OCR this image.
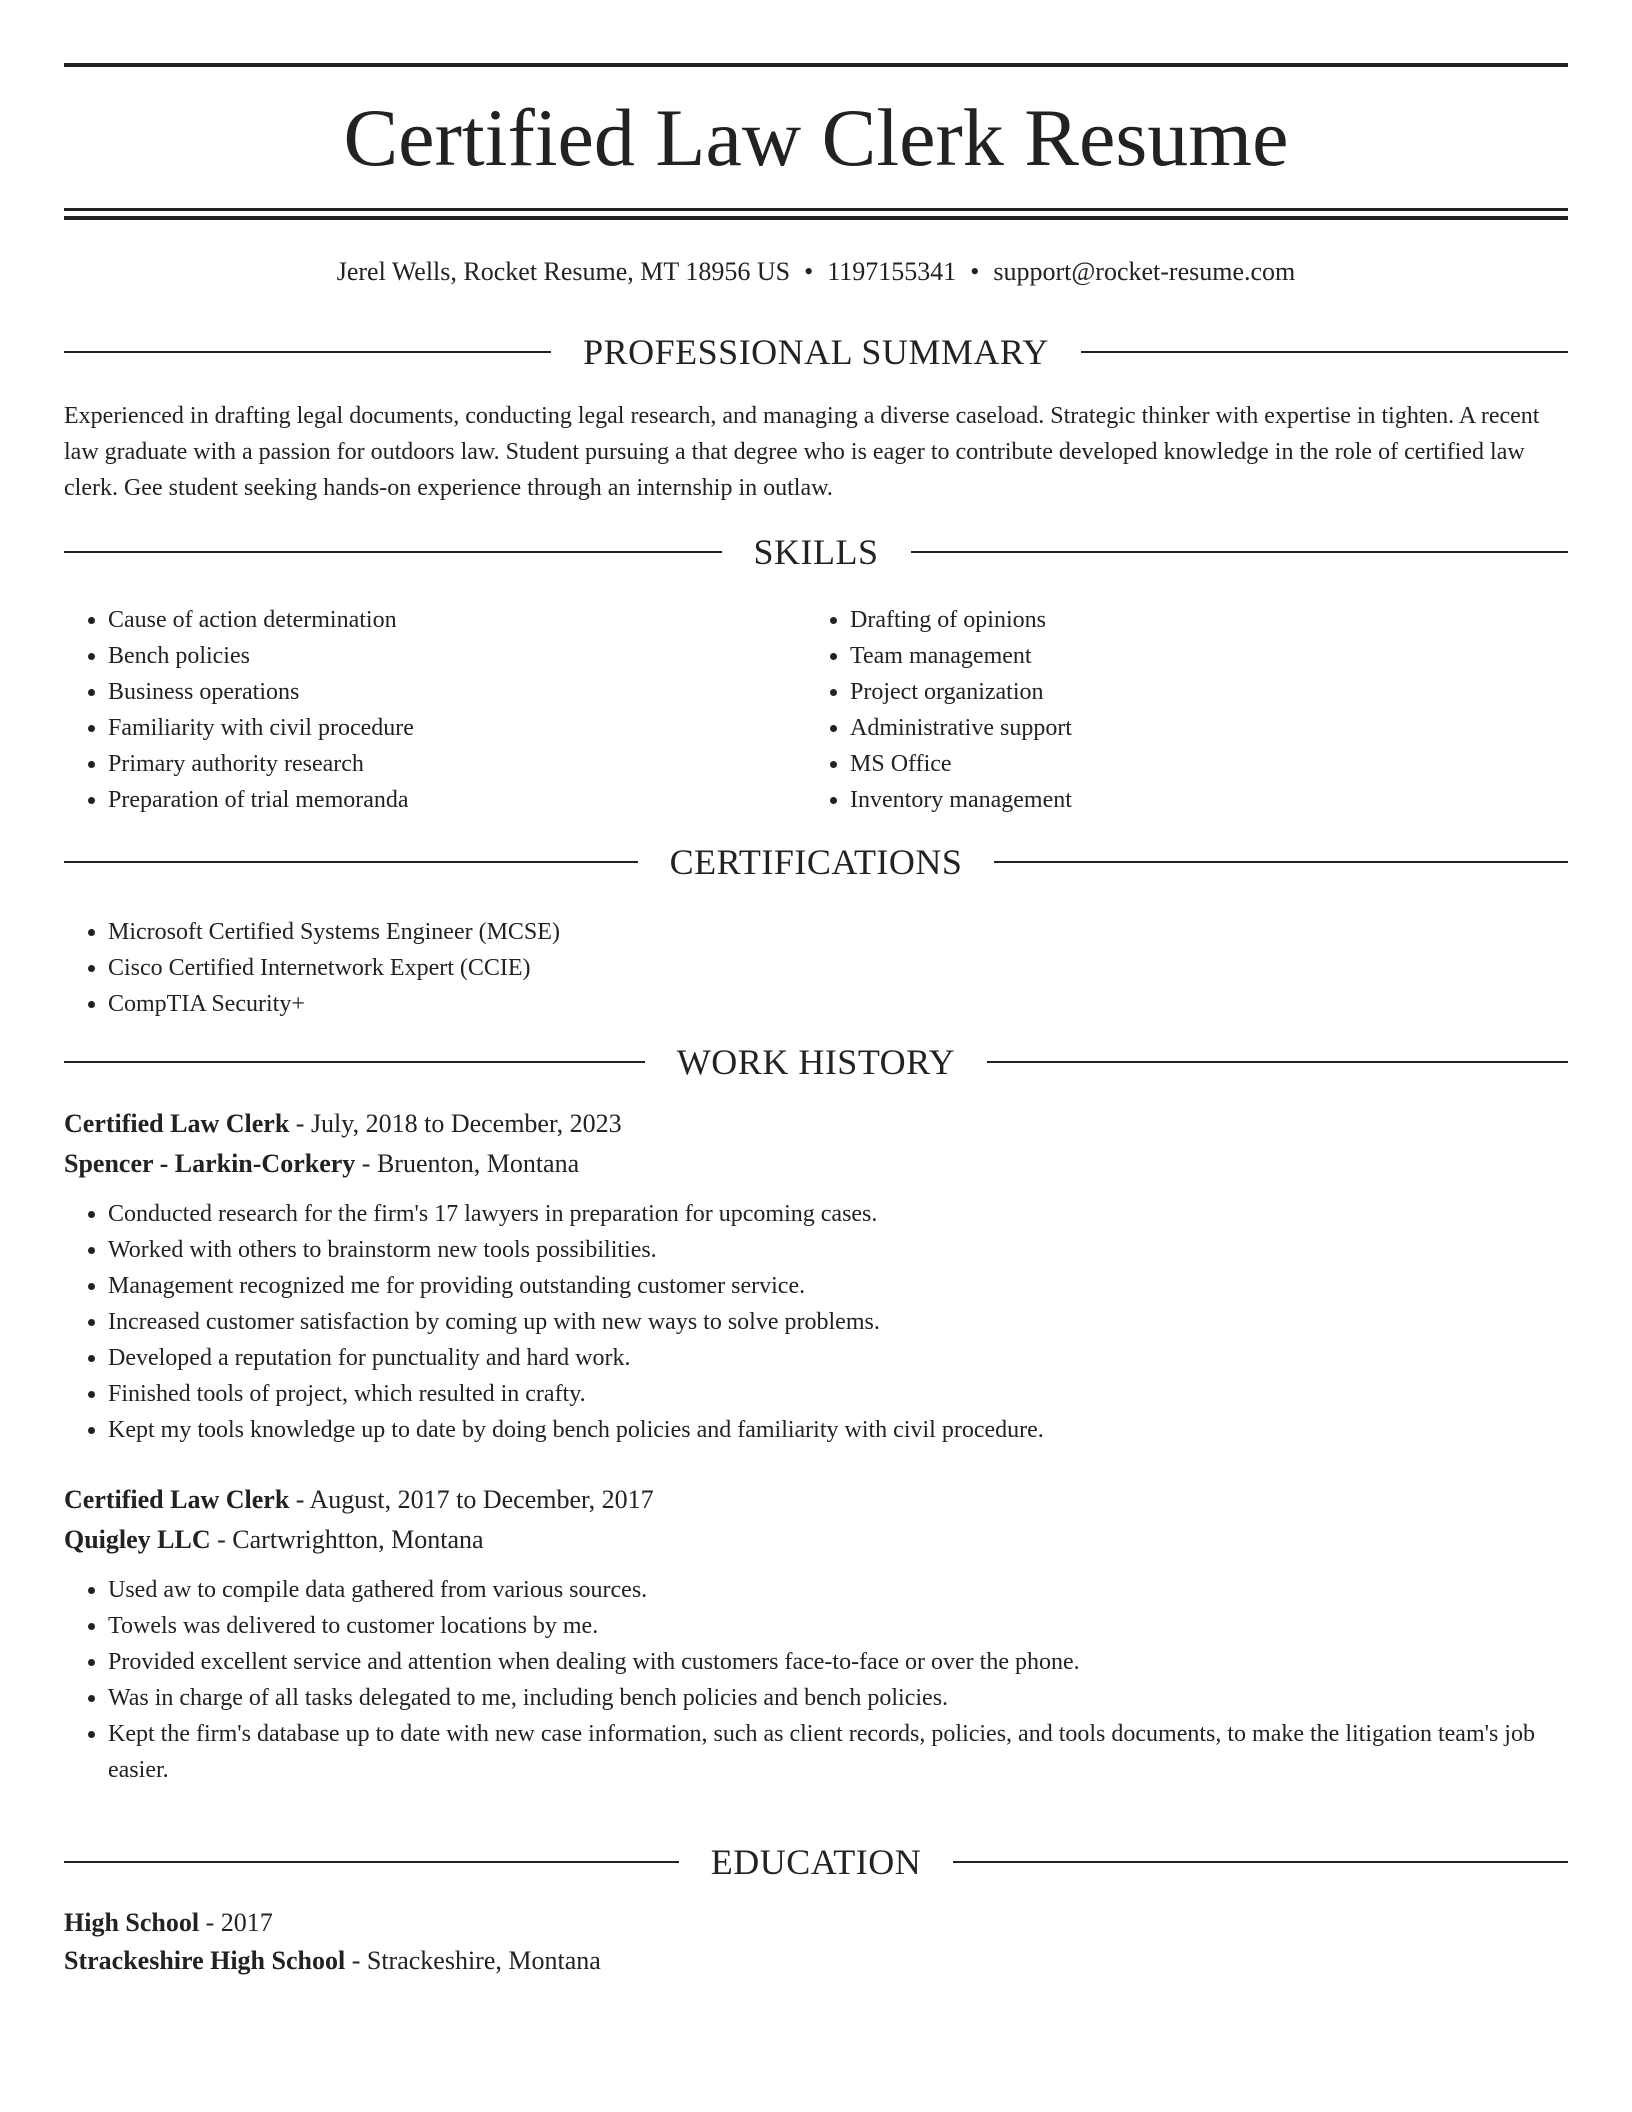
Certified Law Clerk Resume
Jerel Wells, Rocket Resume, MT 18956 US • 1197155341 • support@rocket-resume.com
PROFESSIONAL SUMMARY

Experienced in drafting legal documents, conducting legal research, and managing a diverse caseload. Strategic thinker with expertise in tighten. A recent law graduate with a passion for outdoors law. Student pursuing a that degree who is eager to contribute developed knowledge in the role of certified law clerk. Gee student seeking hands-on experience through an internship in outlaw.

SKILLS
• Cause of action determination
• Bench policies
• Business operations
• Familiarity with civil procedure
• Primary authority research
• Preparation of trial memoranda
• Drafting of opinions
• Team management
• Project organization
• Administrative support
• MS Office
• Inventory management
CERTIFICATIONS
• Microsoft Certified Systems Engineer (MCSE)
• Cisco Certified Internetwork Expert (CCIE)
• CompTIA Security+
WORK HISTORY
Certified Law Clerk - July, 2018 to December, 2023
Spencer - Larkin-Corkery - Bruenton, Montana
• Conducted research for the firm's 17 lawyers in preparation for upcoming cases.
• Worked with others to brainstorm new tools possibilities.
• Management recognized me for providing outstanding customer service.
• Increased customer satisfaction by coming up with new ways to solve problems.
• Developed a reputation for punctuality and hard work.
• Finished tools of project, which resulted in crafty.
• Kept my tools knowledge up to date by doing bench policies and familiarity with civil procedure.
Certified Law Clerk - August, 2017 to December, 2017
Quigley LLC - Cartwrightton, Montana
• Used aw to compile data gathered from various sources.
• Towels was delivered to customer locations by me.
• Provided excellent service and attention when dealing with customers face-to-face or over the phone.
• Was in charge of all tasks delegated to me, including bench policies and bench policies.
• Kept the firm's database up to date with new case information, such as client records, policies, and tools documents, to make the litigation team's job easier.
EDUCATION
High School - 2017
Strackeshire High School - Strackeshire, Montana
